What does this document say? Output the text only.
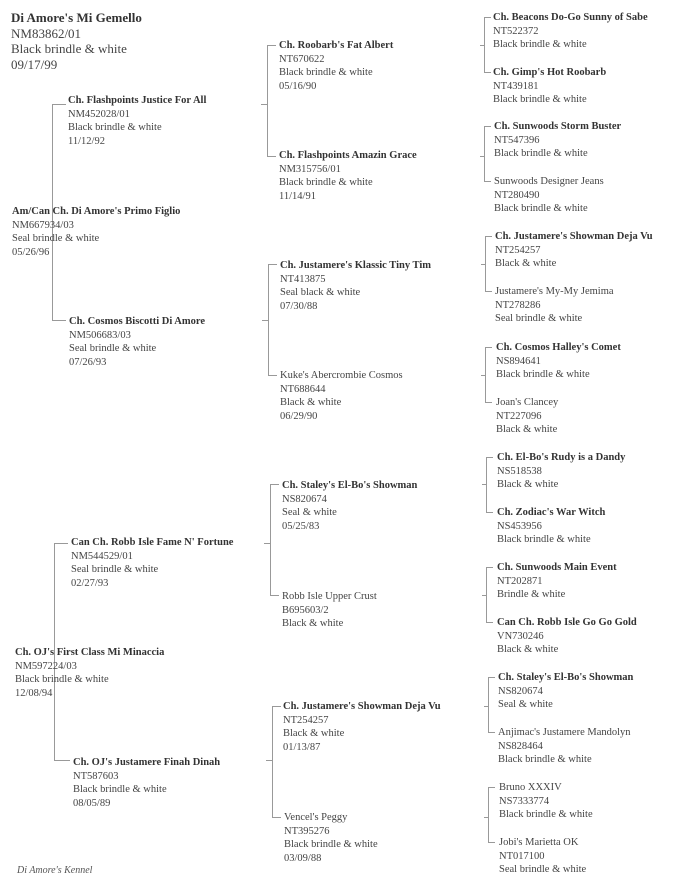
Di Amore's Mi Gemello
NM83862/01
Black brindle & white
09/17/99
Am/Can Ch. Di Amore's Primo Figlio
NM667934/03
Seal brindle & white
05/26/96
Ch. OJ's First Class Mi Minaccia
NM597224/03
Black brindle & white
12/08/94
Ch. Flashpoints Justice For All
NM452028/01
Black brindle & white
11/12/92
Ch. Cosmos Biscotti Di Amore
NM506683/03
Seal brindle & white
07/26/93
Can Ch. Robb Isle Fame N' Fortune
NM544529/01
Seal brindle & white
02/27/93
Ch. OJ's Justamere Finah Dinah
NT587603
Black brindle & white
08/05/89
Ch. Roobarb's Fat Albert
NT670622
Black brindle & white
05/16/90
Ch. Flashpoints Amazin Grace
NM315756/01
Black brindle & white
11/14/91
Ch. Justamere's Klassic Tiny Tim
NT413875
Seal black & white
07/30/88
Kuke's Abercrombie Cosmos
NT688644
Black & white
06/29/90
Ch. Staley's El-Bo's Showman
NS820674
Seal & white
05/25/83
Robb Isle Upper Crust
B695603/2
Black & white
Ch. Justamere's Showman Deja Vu
NT254257
Black & white
01/13/87
Vencel's Peggy
NT395276
Black brindle & white
03/09/88
Ch. Beacons Do-Go Sunny of Sabe
NT522372
Black brindle & white
Ch. Gimp's Hot Roobarb
NT439181
Black brindle & white
Ch. Sunwoods Storm Buster
NT547396
Black brindle & white
Sunwoods Designer Jeans
NT280490
Black brindle & white
Ch. Justamere's Showman Deja Vu
NT254257
Black & white
Justamere's My-My Jemima
NT278286
Seal brindle & white
Ch. Cosmos Halley's Comet
NS894641
Black brindle & white
Joan's Clancey
NT227096
Black & white
Ch. El-Bo's Rudy is a Dandy
NS518538
Black & white
Ch. Zodiac's War Witch
NS453956
Black brindle & white
Ch. Sunwoods Main Event
NT202871
Brindle & white
Can Ch. Robb Isle Go Go Gold
VN730246
Black & white
Ch. Staley's El-Bo's Showman
NS820674
Seal & white
Anjimac's Justamere Mandolyn
NS828464
Black brindle & white
Bruno XXXIV
NS7333774
Black brindle & white
Jobi's Marietta OK
NT017100
Seal brindle & white
Di Amore's Kennel
